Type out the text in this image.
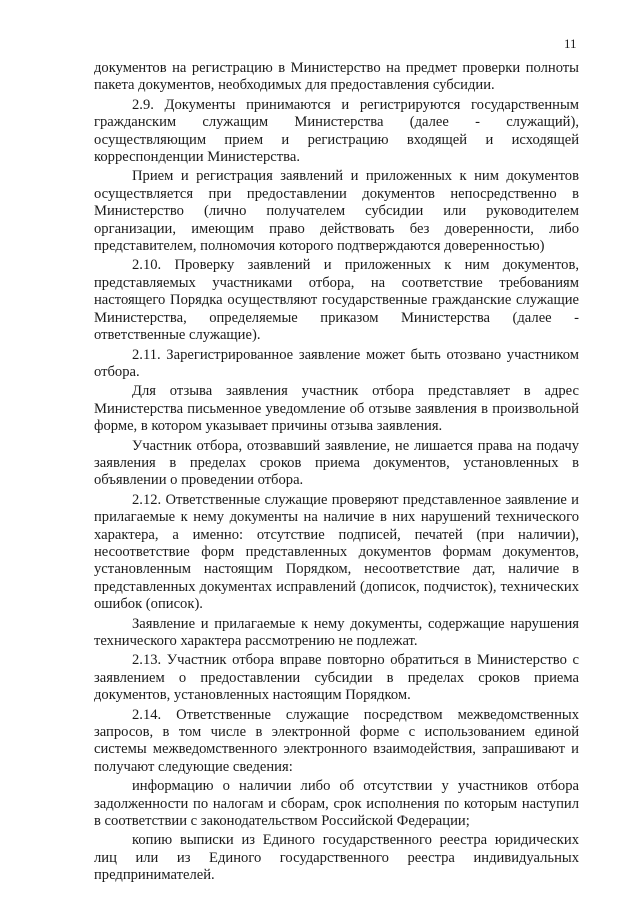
11

документов на регистрацию в Министерство на предмет проверки полноты пакета документов, необходимых для предоставления субсидии.

2.9. Документы принимаются и регистрируются государственным гражданским служащим Министерства (далее - служащий), осуществляющим прием и регистрацию входящей и исходящей корреспонденции Министерства.

Прием и регистрация заявлений и приложенных к ним документов осуществляется при предоставлении документов непосредственно в Министерство (лично получателем субсидии или руководителем организации, имеющим право действовать без доверенности, либо представителем, полномочия которого подтверждаются доверенностью)

2.10. Проверку заявлений и приложенных к ним документов, представляемых участниками отбора, на соответствие требованиям настоящего Порядка осуществляют государственные гражданские служащие Министерства, определяемые приказом Министерства (далее - ответственные служащие).

2.11. Зарегистрированное заявление может быть отозвано участником отбора.

Для отзыва заявления участник отбора представляет в адрес Министерства письменное уведомление об отзыве заявления в произвольной форме, в котором указывает причины отзыва заявления.

Участник отбора, отозвавший заявление, не лишается права на подачу заявления в пределах сроков приема документов, установленных в объявлении о проведении отбора.

2.12. Ответственные служащие проверяют представленное заявление и прилагаемые к нему документы на наличие в них нарушений технического характера, а именно: отсутствие подписей, печатей (при наличии), несоответствие форм представленных документов формам документов, установленным настоящим Порядком, несоответствие дат, наличие в представленных документах исправлений (дописок, подчисток), технических ошибок (описок).

Заявление и прилагаемые к нему документы, содержащие нарушения технического характера рассмотрению не подлежат.

2.13. Участник отбора вправе повторно обратиться в Министерство с заявлением о предоставлении субсидии в пределах сроков приема документов, установленных настоящим Порядком.

2.14. Ответственные служащие посредством межведомственных запросов, в том числе в электронной форме с использованием единой системы межведомственного электронного взаимодействия, запрашивают и получают следующие сведения:

информацию о наличии либо об отсутствии у участников отбора задолженности по налогам и сборам, срок исполнения по которым наступил в соответствии с законодательством Российской Федерации;

копию выписки из Единого государственного реестра юридических лиц или из Единого государственного реестра индивидуальных предпринимателей.
